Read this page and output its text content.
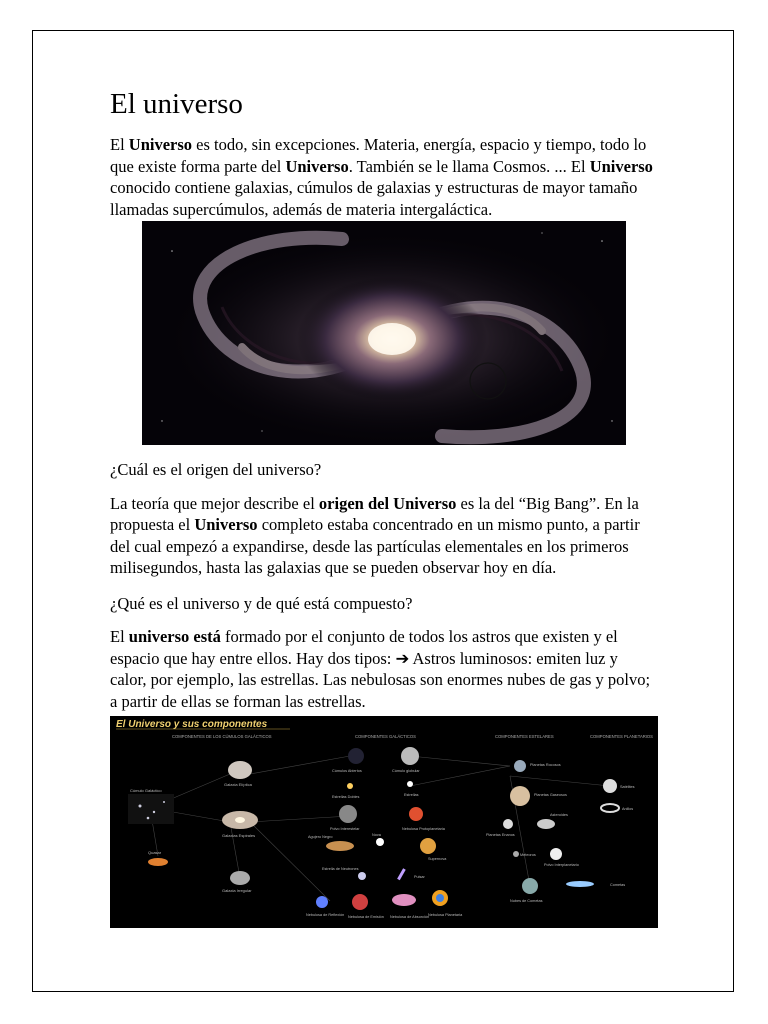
El universo

El Universo es todo, sin excepciones. Materia, energía, espacio y tiempo, todo lo que existe forma parte del Universo. También se le llama Cosmos. ... El Universo conocido contiene galaxias, cúmulos de galaxias y estructuras de mayor tamaño llamadas supercúmulos, además de materia intergaláctica.

¿Cuál es el origen del universo?

La teoría que mejor describe el origen del Universo es la del “Big Bang”. En la propuesta el Universo completo estaba concentrado en un mismo punto, a partir del cual empezó a expandirse, desde las partículas elementales en los primeros milisegundos, hasta las galaxias que se pueden observar hoy en día.

¿Qué es el universo y de qué está compuesto?

El universo está formado por el conjunto de todos los astros que existen y el espacio que hay entre ellos. Hay dos tipos: ➔ Astros luminosos: emiten luz y calor, por ejemplo, las estrellas. Las nebulosas son enormes nubes de gas y polvo; a partir de ellas se forman las estrellas.

El Universo y sus componentes
COMPONENTES DE LOS CÚMULOS GALÁCTICOS	COMPONENTES GALÁCTICOS	COMPONENTES ESTELARES	COMPONENTES PLANETARIOS
Cúmulo Galáctico
Quasar
Galaxia Elíptica
Galaxias Espirales
Galaxia Irregular
Cúmulos Abiertos	Cúmulo globular
Estrellas Dobles	Estrellas
Polvo Interestelar	Nebulosa Protoplanetaria
Agujero Negro	Nova
Supernova
Estrella de Neutrones
Pulsar
Nebulosa de Reflexión Nebulosa de Emisión Nebulosa de Absorción
Nebulosa Planetaria
Planetas Rocosos
Planetas Gaseosos
Planetas Enanos
Asteroides
Meteoros
Polvo Interplanetario
Nubes de Cometas
Satélites
Anillos
Cometas
